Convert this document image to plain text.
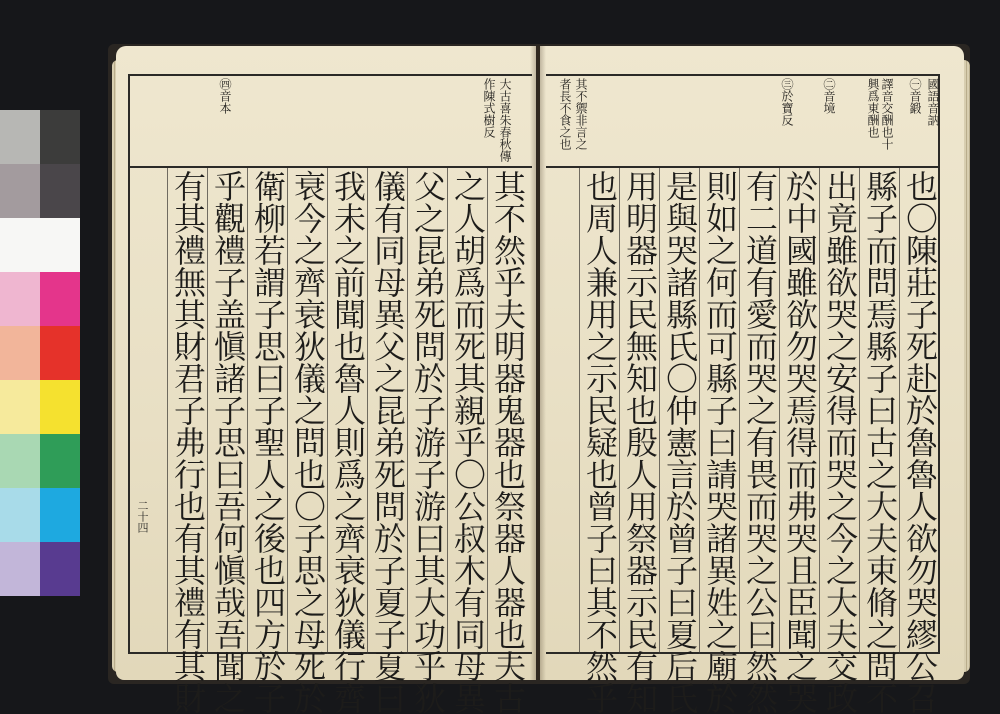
㊀音鍛 國語音訥
譯音交酬也十
興爲東酬也
㊁音境
㊂於寶反
其不禦非言之
者長不食之也
也〇陳莊子死赴於魯魯人欲勿哭繆公召
縣子而問焉縣子曰古之大夫束脩之問不
出竟雖欲哭之安得而哭之今之大夫交政
於中國雖欲勿哭焉得而弗哭且臣聞之哭
有二道有愛而哭之有畏而哭之公曰然然
則如之何而可縣子曰請哭諸異姓之廟於
是與哭諸縣氏〇仲憲言於曾子曰夏后氏
用明器示民無知也殷人用祭器示民有知
也周人兼用之示民疑也曾子曰其不然乎
大古喜朱春秋傳
作陳式樹反
㊃音本
其不然乎夫明器鬼器也祭器人器也夫古
之人胡爲而死其親乎〇公叔木有同母異
父之昆弟死問於子游子游曰其大功乎狄
儀有同母異父之昆弟死問於子夏子夏曰
我未之前聞也魯人則爲之齊衰狄儀行齊
衰今之齊衰狄儀之問也〇子思之母死於
衛柳若謂子思曰子聖人之後也四方於子
乎觀禮子盖愼諸子思曰吾何愼哉吾聞之
有其禮無其財君子弗行也有其禮有其財
二十四
